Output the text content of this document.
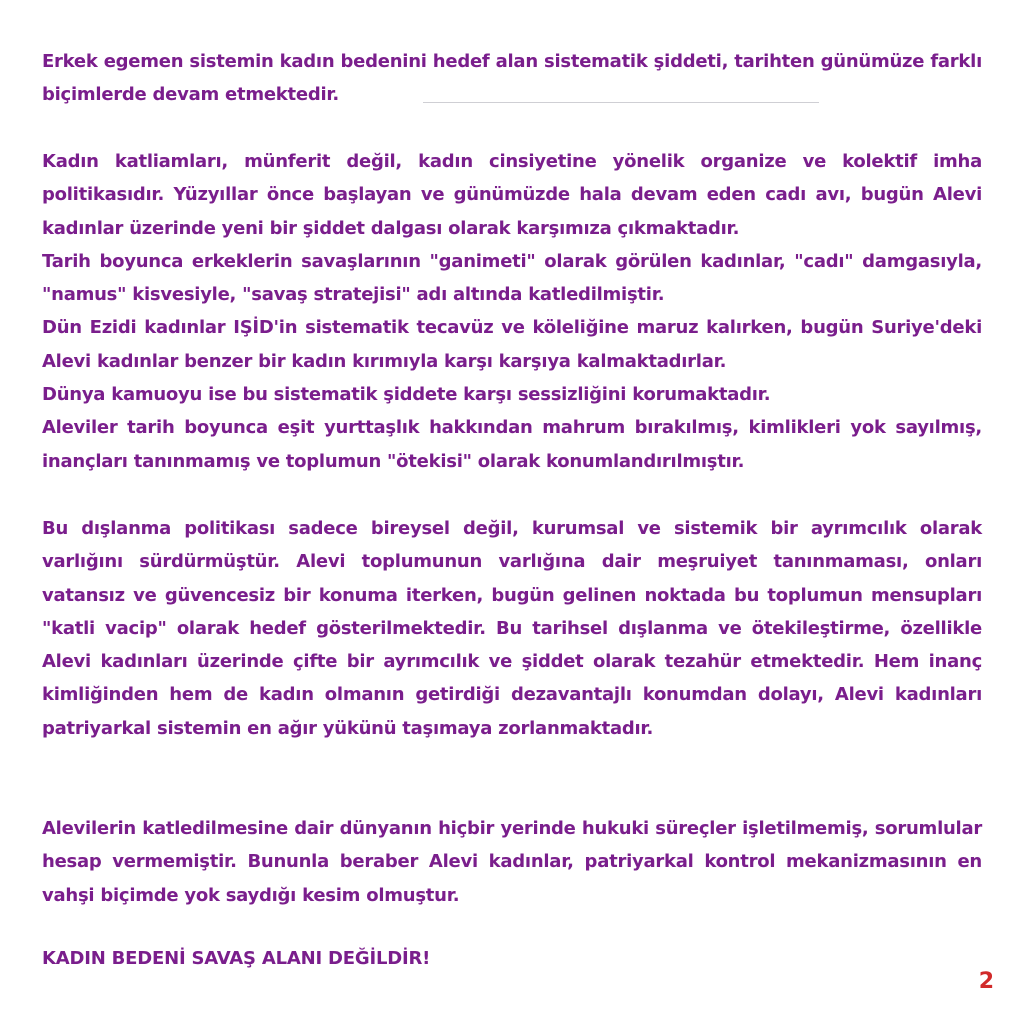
Erkek egemen sistemin kadın bedenini hedef alan sistematik şiddeti, tarihten günümüze farklı biçimlerde devam etmektedir.

Kadın katliamları, münferit değil, kadın cinsiyetine yönelik organize ve kolektif imha politikasıdır. Yüzyıllar önce başlayan ve günümüzde hala devam eden cadı avı, bugün Alevi kadınlar üzerinde yeni bir şiddet dalgası olarak karşımıza çıkmaktadır.

Tarih boyunca erkeklerin savaşlarının "ganimeti" olarak görülen kadınlar, "cadı" damgasıyla, "namus" kisvesiyle, "savaş stratejisi" adı altında katledilmiştir.

Dün Ezidi kadınlar IŞİD'in sistematik tecavüz ve köleliğine maruz kalırken, bugün Suriye'deki Alevi kadınlar benzer bir kadın kırımıyla karşı karşıya kalmaktadırlar.

Dünya kamuoyu ise bu sistematik şiddete karşı sessizliğini korumaktadır.

Aleviler tarih boyunca eşit yurttaşlık hakkından mahrum bırakılmış, kimlikleri yok sayılmış, inançları tanınmamış ve toplumun "ötekisi" olarak konumlandırılmıştır.

Bu dışlanma politikası sadece bireysel değil, kurumsal ve sistemik bir ayrımcılık olarak varlığını sürdürmüştür. Alevi toplumunun varlığına dair meşruiyet tanınmaması, onları vatansız ve güvencesiz bir konuma iterken, bugün gelinen noktada bu toplumun mensupları "katli vacip" olarak hedef gösterilmektedir. Bu tarihsel dışlanma ve ötekileştirme, özellikle Alevi kadınları üzerinde çifte bir ayrımcılık ve şiddet olarak tezahür etmektedir. Hem inanç kimliğinden hem de kadın olmanın getirdiği dezavantajlı konumdan dolayı, Alevi kadınları patriyarkal sistemin en ağır yükünü taşımaya zorlanmaktadır.

Alevilerin katledilmesine dair dünyanın hiçbir yerinde hukuki süreçler işletilmemiş, sorumlular hesap vermemiştir. Bununla beraber Alevi kadınlar, patriyarkal kontrol mekanizmasının en vahşi biçimde yok saydığı kesim olmuştur.

KADIN BEDENİ SAVAŞ ALANI DEĞİLDİR!
2
